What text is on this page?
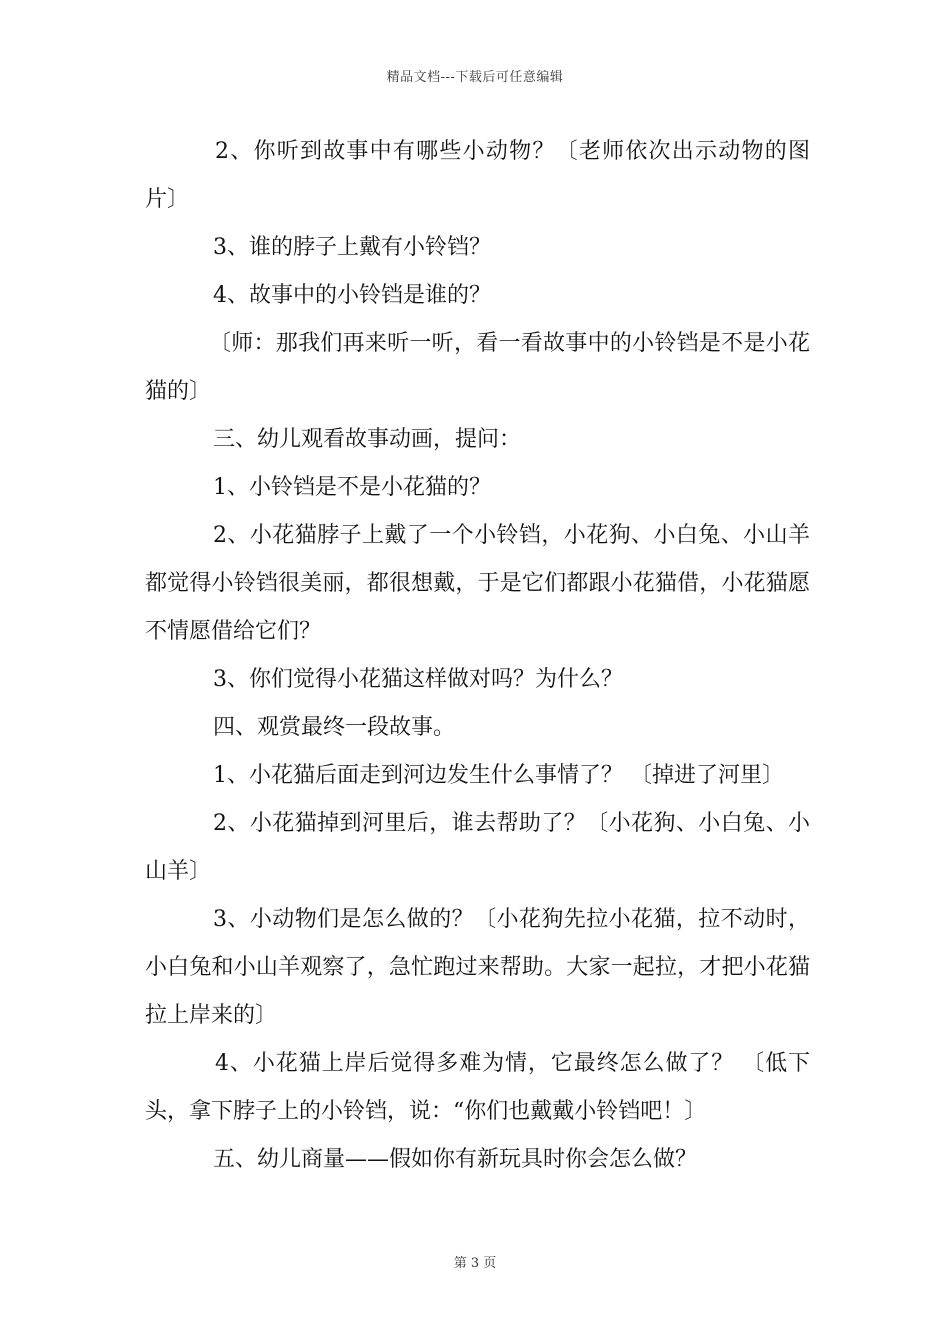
精品文档---下载后可任意编辑

2、你听到故事中有哪些小动物？〔老师依次出示动物的图片〕

3、谁的脖子上戴有小铃铛？

4、故事中的小铃铛是谁的？

〔师：那我们再来听一听，看一看故事中的小铃铛是不是小花猫的〕

三、幼儿观看故事动画，提问：

1、小铃铛是不是小花猫的？

2、小花猫脖子上戴了一个小铃铛，小花狗、小白兔、小山羊都觉得小铃铛很美丽，都很想戴，于是它们都跟小花猫借，小花猫愿不情愿借给它们？

3、你们觉得小花猫这样做对吗？为什么？

四、观赏最终一段故事。

1、小花猫后面走到河边发生什么事情了？ 〔掉进了河里〕

2、小花猫掉到河里后，谁去帮助了？〔小花狗、小白兔、小山羊〕

3、小动物们是怎么做的？〔小花狗先拉小花猫，拉不动时，小白兔和小山羊观察了，急忙跑过来帮助。大家一起拉，才把小花猫拉上岸来的〕

4、小花猫上岸后觉得多难为情，它最终怎么做了？ 〔低下头，拿下脖子上的小铃铛，说：“你们也戴戴小铃铛吧！〕

五、幼儿商量——假如你有新玩具时你会怎么做？

第 3 页
